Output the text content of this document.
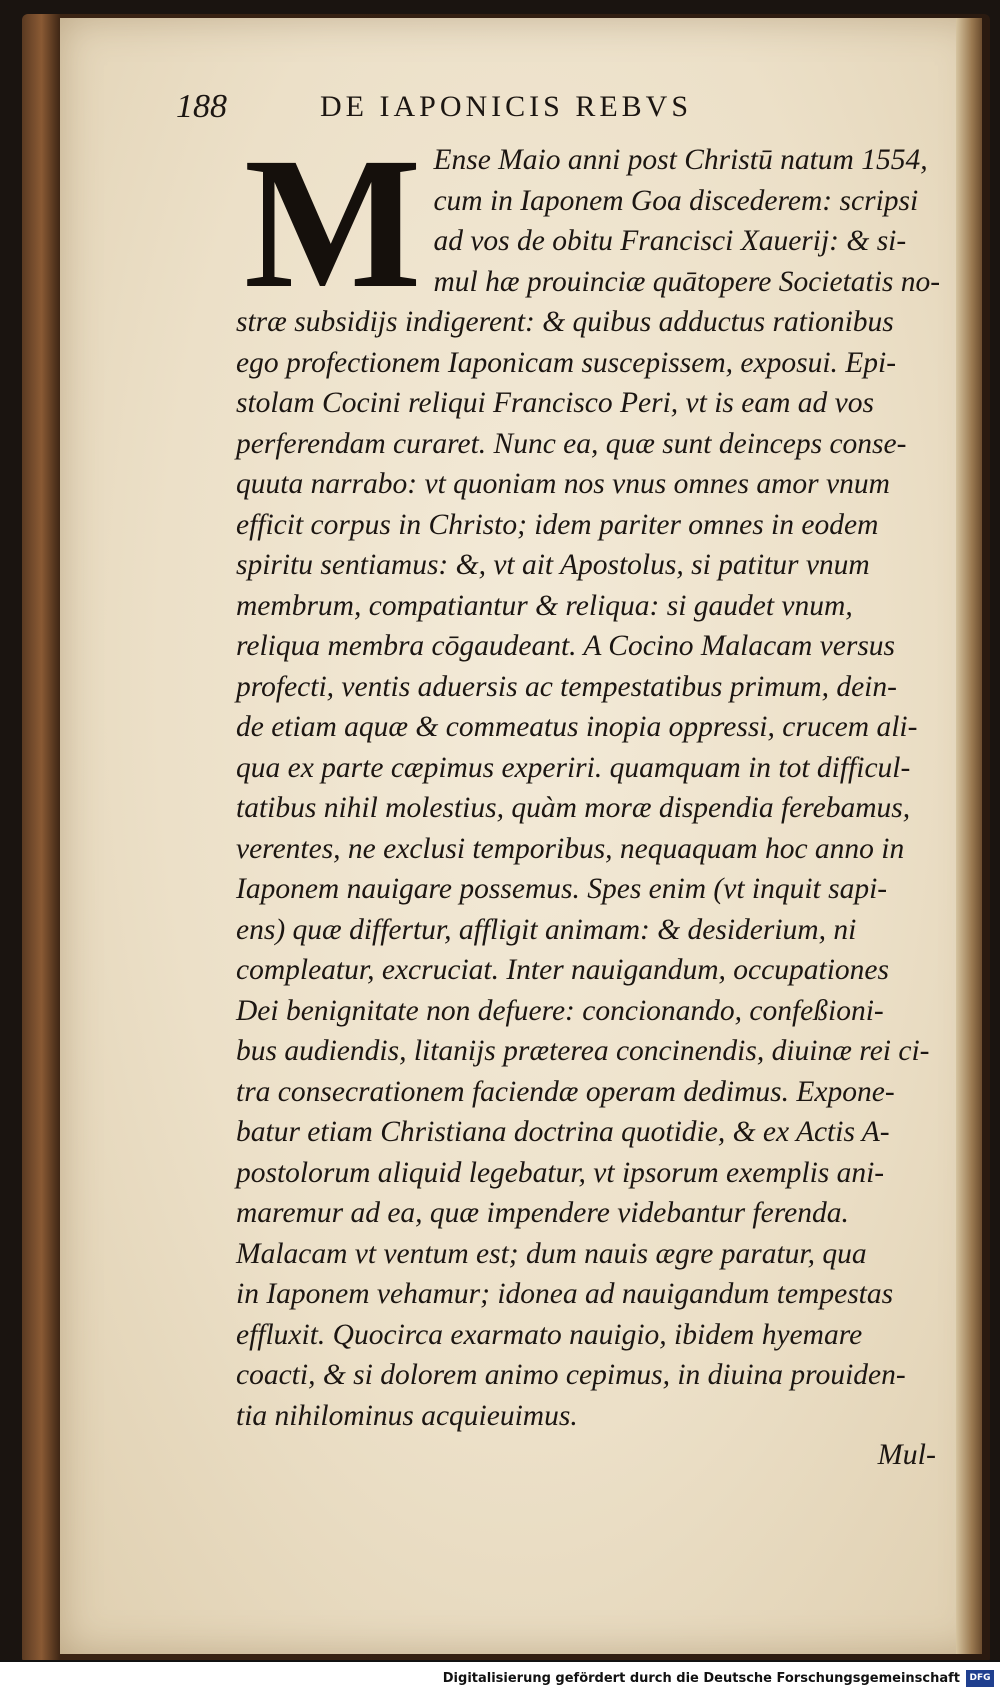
188	DE IAPONICIS REBVS
M Ense Maio anni post Christū natum 1554,
cum in Iaponem Goa discederem: scripsi
ad vos de obitu Francisci Xauerij: & si-
mul hæ prouinciæ quātopere Societatis no-
stræ subsidijs indigerent: & quibus adductus rationibus
ego profectionem Iaponicam suscepissem, exposui. Epi-
stolam Cocini reliqui Francisco Peri, vt is eam ad vos
perferendam curaret. Nunc ea, quæ sunt deinceps conse-
quuta narrabo: vt quoniam nos vnus omnes amor vnum
efficit corpus in Christo; idem pariter omnes in eodem
spiritu sentiamus: &, vt ait Apostolus, si patitur vnum
membrum, compatiantur & reliqua: si gaudet vnum,
reliqua membra cōgaudeant. A Cocino Malacam versus
profecti, ventis aduersis ac tempestatibus primum, dein-
de etiam aquæ & commeatus inopia oppressi, crucem ali-
qua ex parte cæpimus experiri. quamquam in tot difficul-
tatibus nihil molestius, quàm moræ dispendia ferebamus,
verentes, ne exclusi temporibus, nequaquam hoc anno in
Iaponem nauigare possemus. Spes enim (vt inquit sapi-
ens) quæ differtur, affligit animam: & desiderium, ni
compleatur, excruciat. Inter nauigandum, occupationes
Dei benignitate non defuere: concionando, confeßioni-
bus audiendis, litanijs præterea concinendis, diuinæ rei ci-
tra consecrationem faciendæ operam dedimus. Expone-
batur etiam Christiana doctrina quotidie, & ex Actis A-
postolorum aliquid legebatur, vt ipsorum exemplis ani-
maremur ad ea, quæ impendere videbantur ferenda.
Malacam vt ventum est; dum nauis ægre paratur, qua
in Iaponem vehamur; idonea ad nauigandum tempestas
effluxit. Quocirca exarmato nauigio, ibidem hyemare
coacti, & si dolorem animo cepimus, in diuina prouiden-
tia nihilominus acquieuimus.
Mul-
Digitalisierung gefördert durch die Deutsche Forschungsgemeinschaft	DFG
